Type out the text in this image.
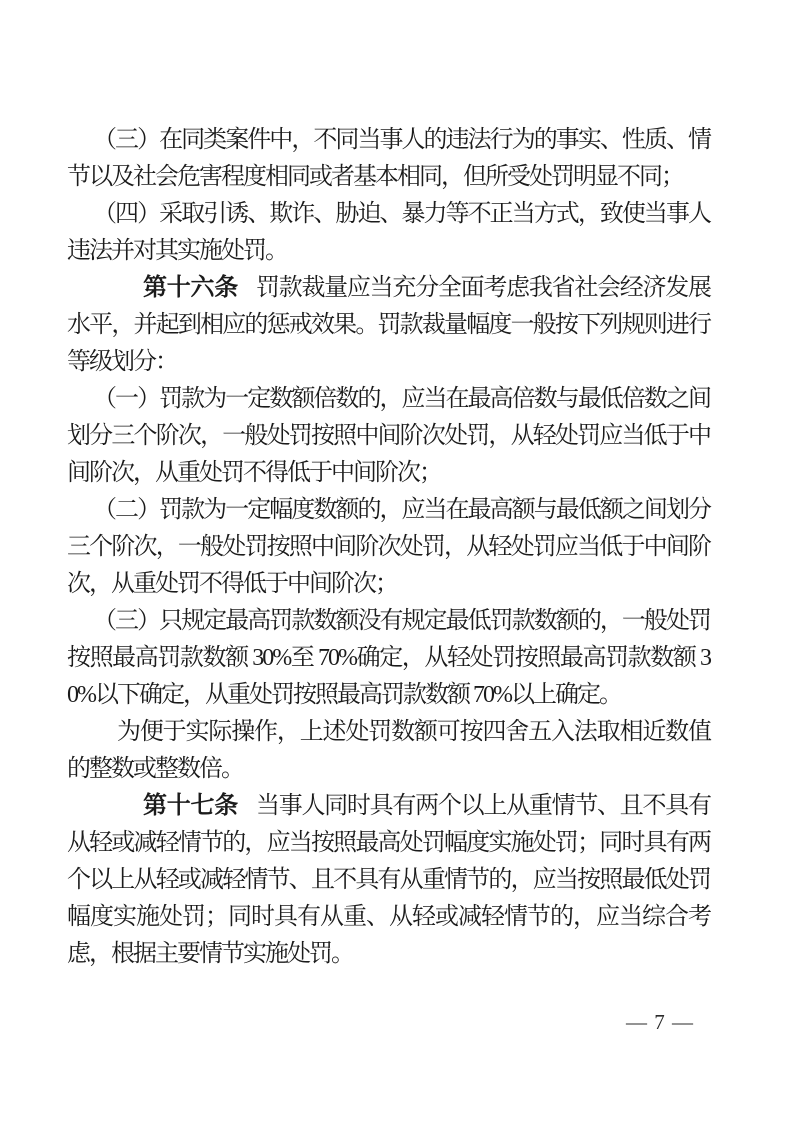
（三）在同类案件中，不同当事人的违法行为的事实、性质、情节以及社会危害程度相同或者基本相同，但所受处罚明显不同；

（四）采取引诱、欺诈、胁迫、暴力等不正当方式，致使当事人违法并对其实施处罚。

第十六条 罚款裁量应当充分全面考虑我省社会经济发展水平，并起到相应的惩戒效果。罚款裁量幅度一般按下列规则进行等级划分：

（一）罚款为一定数额倍数的，应当在最高倍数与最低倍数之间划分三个阶次，一般处罚按照中间阶次处罚，从轻处罚应当低于中间阶次，从重处罚不得低于中间阶次；

（二）罚款为一定幅度数额的，应当在最高额与最低额之间划分三个阶次，一般处罚按照中间阶次处罚，从轻处罚应当低于中间阶次，从重处罚不得低于中间阶次；

（三）只规定最高罚款数额没有规定最低罚款数额的，一般处罚按照最高罚款数额 30%至 70%确定，从轻处罚按照最高罚款数额 30%以下确定，从重处罚按照最高罚款数额 70%以上确定。

为便于实际操作，上述处罚数额可按四舍五入法取相近数值的整数或整数倍。

第十七条 当事人同时具有两个以上从重情节、且不具有从轻或减轻情节的，应当按照最高处罚幅度实施处罚；同时具有两个以上从轻或减轻情节、且不具有从重情节的，应当按照最低处罚幅度实施处罚；同时具有从重、从轻或减轻情节的，应当综合考虑，根据主要情节实施处罚。

— 7 —
